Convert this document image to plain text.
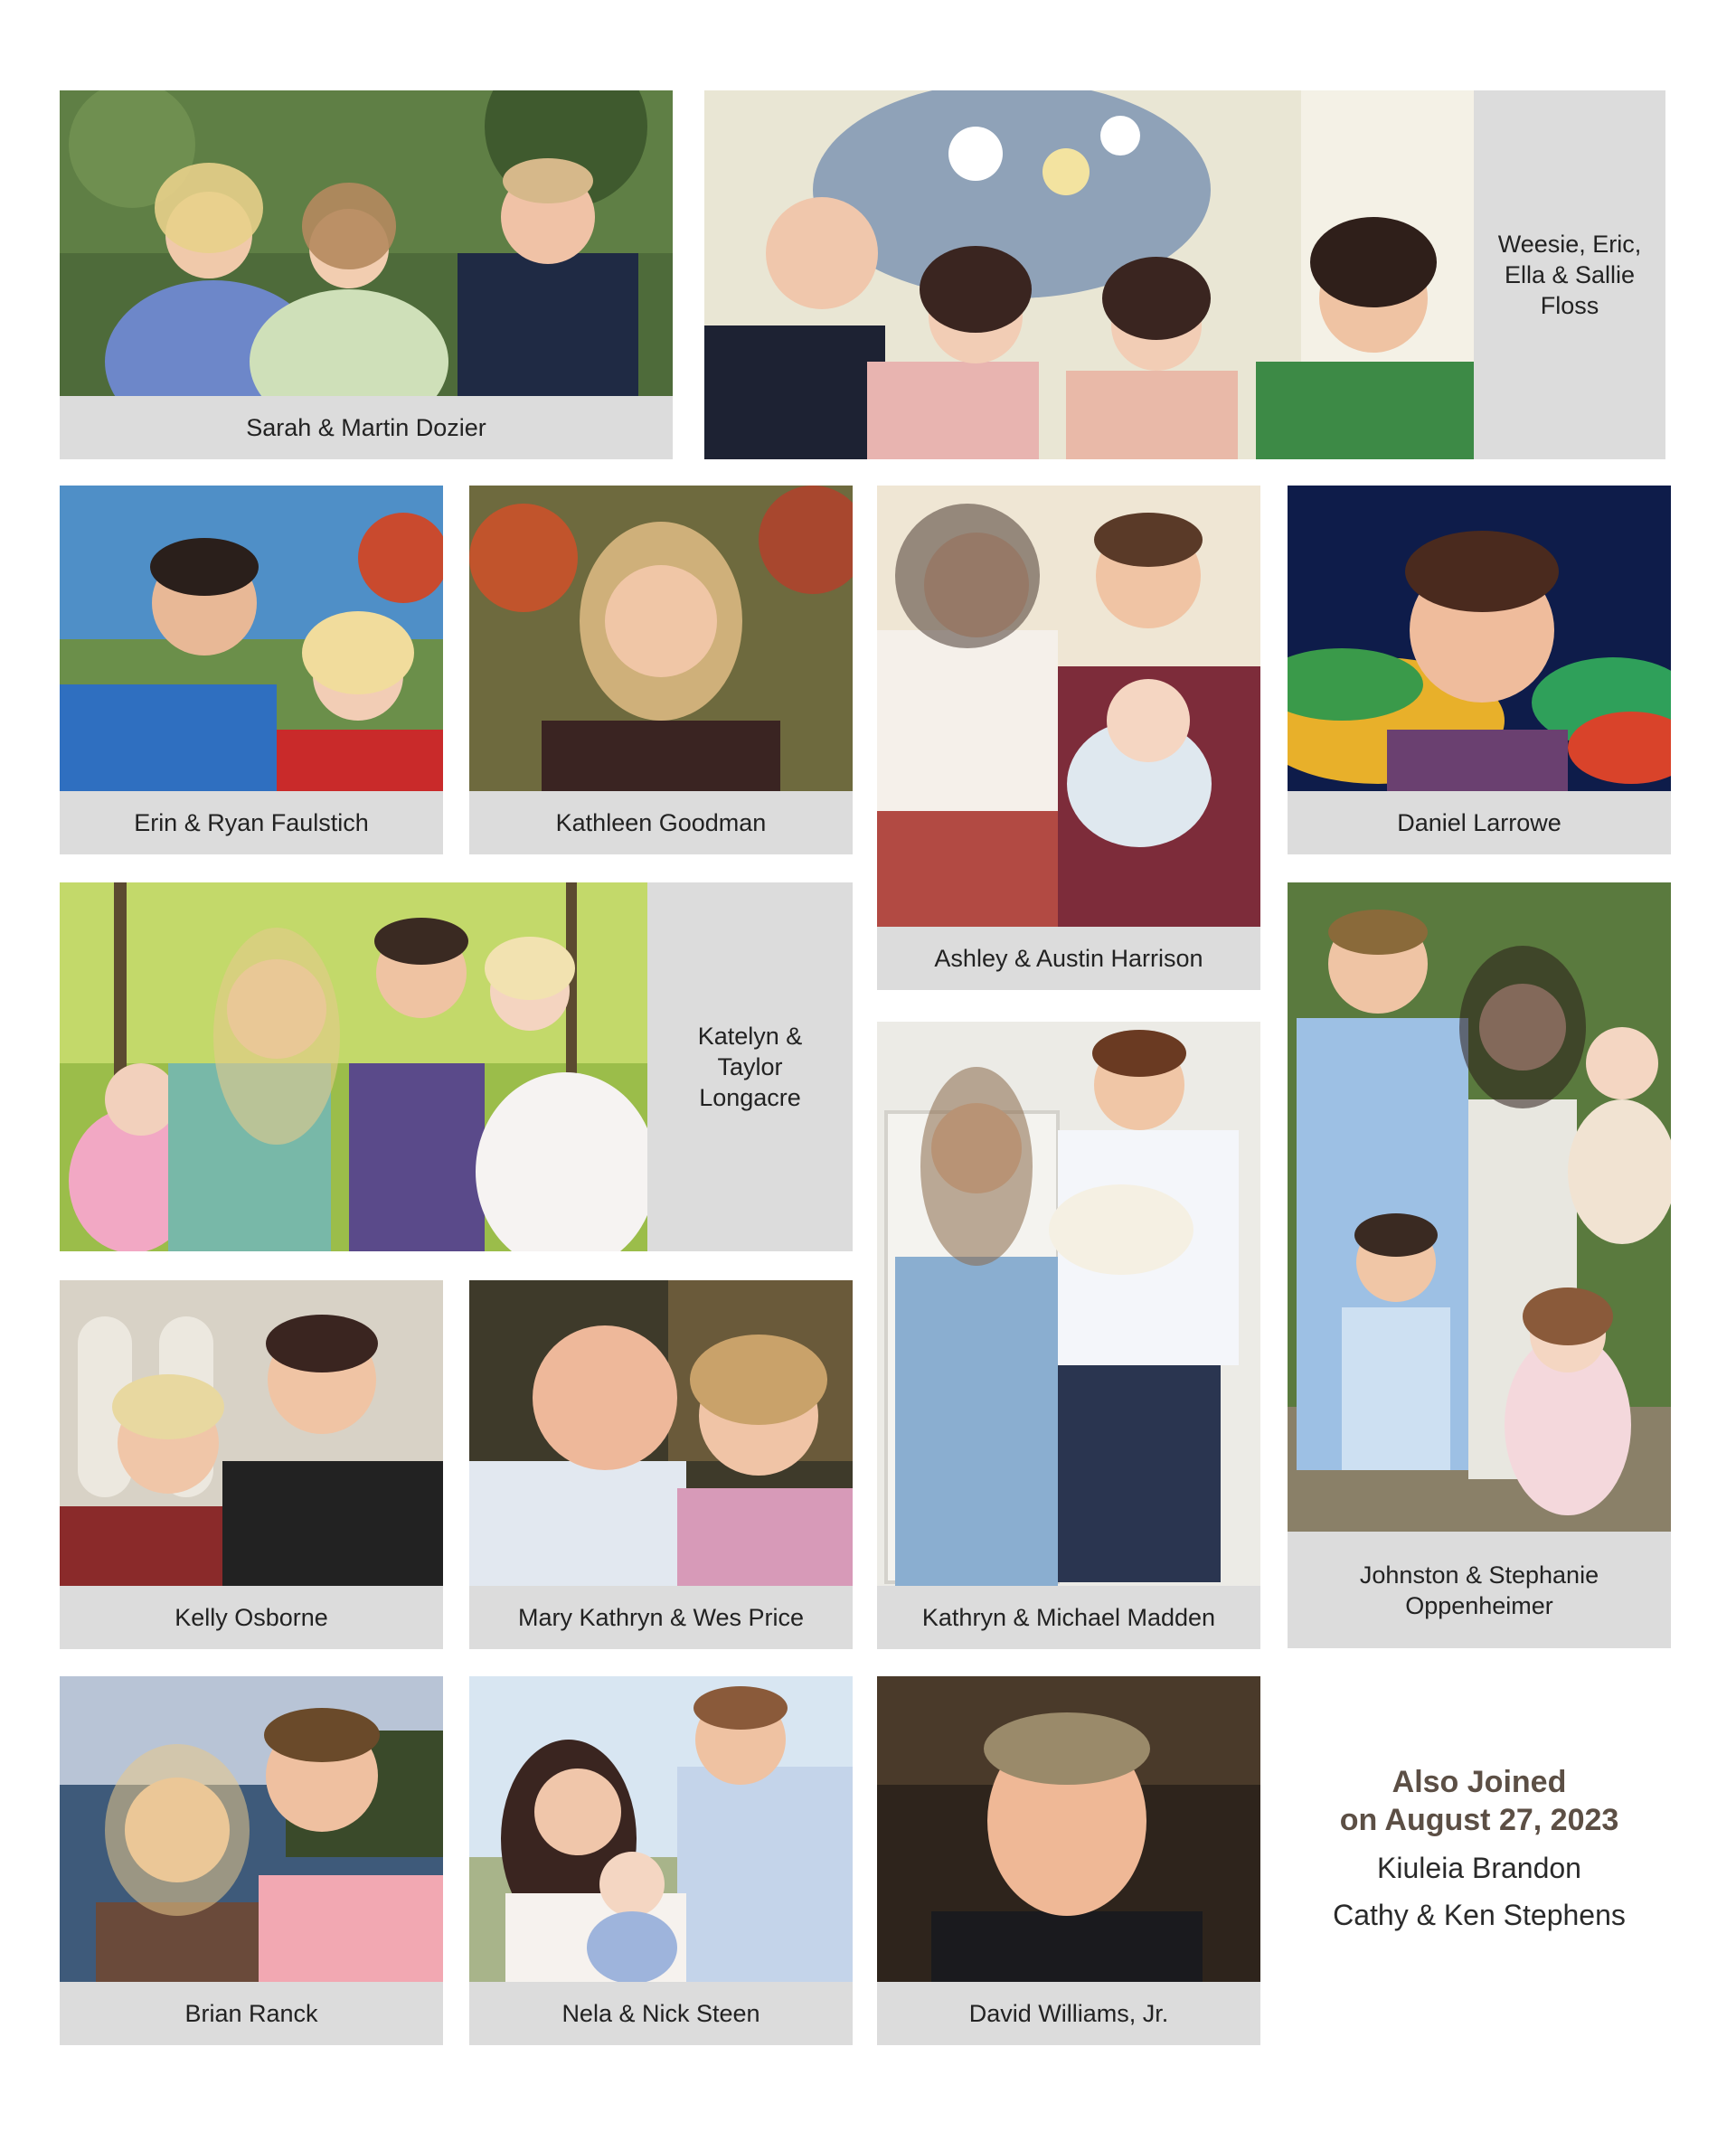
Sarah & Martin Dozier
Weesie, Eric, Ella & Sallie Floss
Erin & Ryan Faulstich	Kathleen Goodman
Ashley & Austin Harrison
Daniel Larrowe
Katelyn & Taylor Longacre
Johnston & Stephanie Oppenheimer
Kelly Osborne	Mary Kathryn & Wes Price	Kathryn & Michael Madden
Brian Ranck	Nela & Nick Steen	David Williams, Jr.
Also Joined
on August 27, 2023
Kiuleia Brandon
Cathy & Ken Stephens
